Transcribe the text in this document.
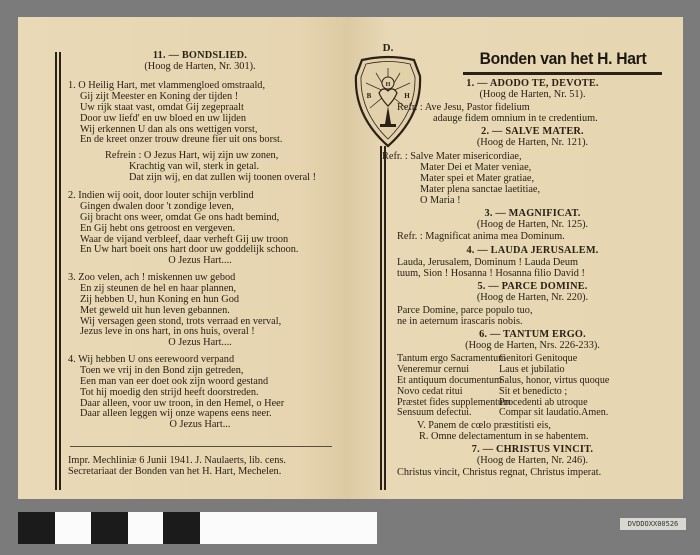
11. — BONDSLIED.
(Hoog de Harten, Nr. 301).
1. O Heilig Hart, met vlammengloed omstraald,
Gij zijt Meester en Koning der tijden !
Uw rijk staat vast, omdat Gij zegepraalt
Door uw liefd' en uw bloed en uw lijden
Wij erkennen U dan als ons wettigen vorst,
En de kreet onzer trouw dreune fier uit ons borst.
2. Indien wij ooit, door louter schijn verblind
Gingen dwalen door 't zondige leven,
Gij bracht ons weer, omdat Ge ons hadt bemind,
En Gij hebt ons getroost en vergeven.
Waar de vijand verbleef, daar verheft Gij uw troon
En Uw hart boeit ons hart door uw goddelijk schoon.
O Jezus Hart....
3. Zoo velen, ach ! miskennen uw gebod
En zij steunen de hel en haar plannen,
Zij hebben U, hun Koning en hun God
Met geweld uit hun leven gebannen.
Wij versagen geen stond, trots verraad en verval,
Jezus leve in ons hart, in ons huis, overal !
O Jezus Hart....
4. Wij hebben U ons eerewoord verpand
Toen we vrij in den Bond zijn getreden,
Een man van eer doet ook zijn woord gestand
Tot hij moedig den strijd heeft doorstreden.
Daar alleen, voor uw troon, in den Hemel, o Heer
Daar alleen leggen wij onze wapens eens neer.
O Jezus Hart...
Refrein : O Jezus Hart, wij zijn uw zonen,
Krachtig van wil, sterk in getal.
Dat zijn wij, en dat zullen wij toonen overal !
Impr. Mechliniæ 6 Junii 1941. J. Naulaerts, lib. cens.
Secretariaat der Bonden van het H. Hart, Mechelen.
D.
H
B	H
Bonden van het H. Hart
1. — ADODO TE, DEVOTE.
(Hoog de Harten, Nr. 51).
Refr. : Ave Jesu, Pastor fidelium
adauge fidem omnium in te credentium.
2. — SALVE MATER.
(Hoog de Harten, Nr. 121).
Refr. : Salve Mater misericordiae,
Mater Dei et Mater veniae,
Mater spei et Mater gratiae,
Mater plena sanctae laetitiae,
O Maria !
3. — MAGNIFICAT.
(Hoog de Harten, Nr. 125).
Refr. : Magnificat anima mea Dominum.
4. — LAUDA JERUSALEM.
Lauda, Jerusalem, Dominum ! Lauda Deum
tuum, Sion ! Hosanna ! Hosanna filio David !
5. — PARCE DOMINE.
(Hoog de Harten, Nr. 220).
Parce Domine, parce populo tuo,
ne in aeternum irascaris nobis.
6. — TANTUM ERGO.
(Hoog de Harten, Nrs. 226-233).
Tantum ergo Sacramentum
Veneremur cernui
Et antiquum documentum
Novo cedat ritui
Præstet fides supplementum
Sensuum defectui.
Genitori Genitoque
Laus et jubilatio
Salus, honor, virtus quoque
Sit et benedicto ;
Procedenti ab utroque
Compar sit laudatio.Amen.
V. Panem de cœlo præstitisti eis,
R. Omne delectamentum in se habentem.
7. — CHRISTUS VINCIT.
(Hoog de Harten, Nr. 246).
Christus vincit, Christus regnat, Christus imperat.
DVDDOXX00526
